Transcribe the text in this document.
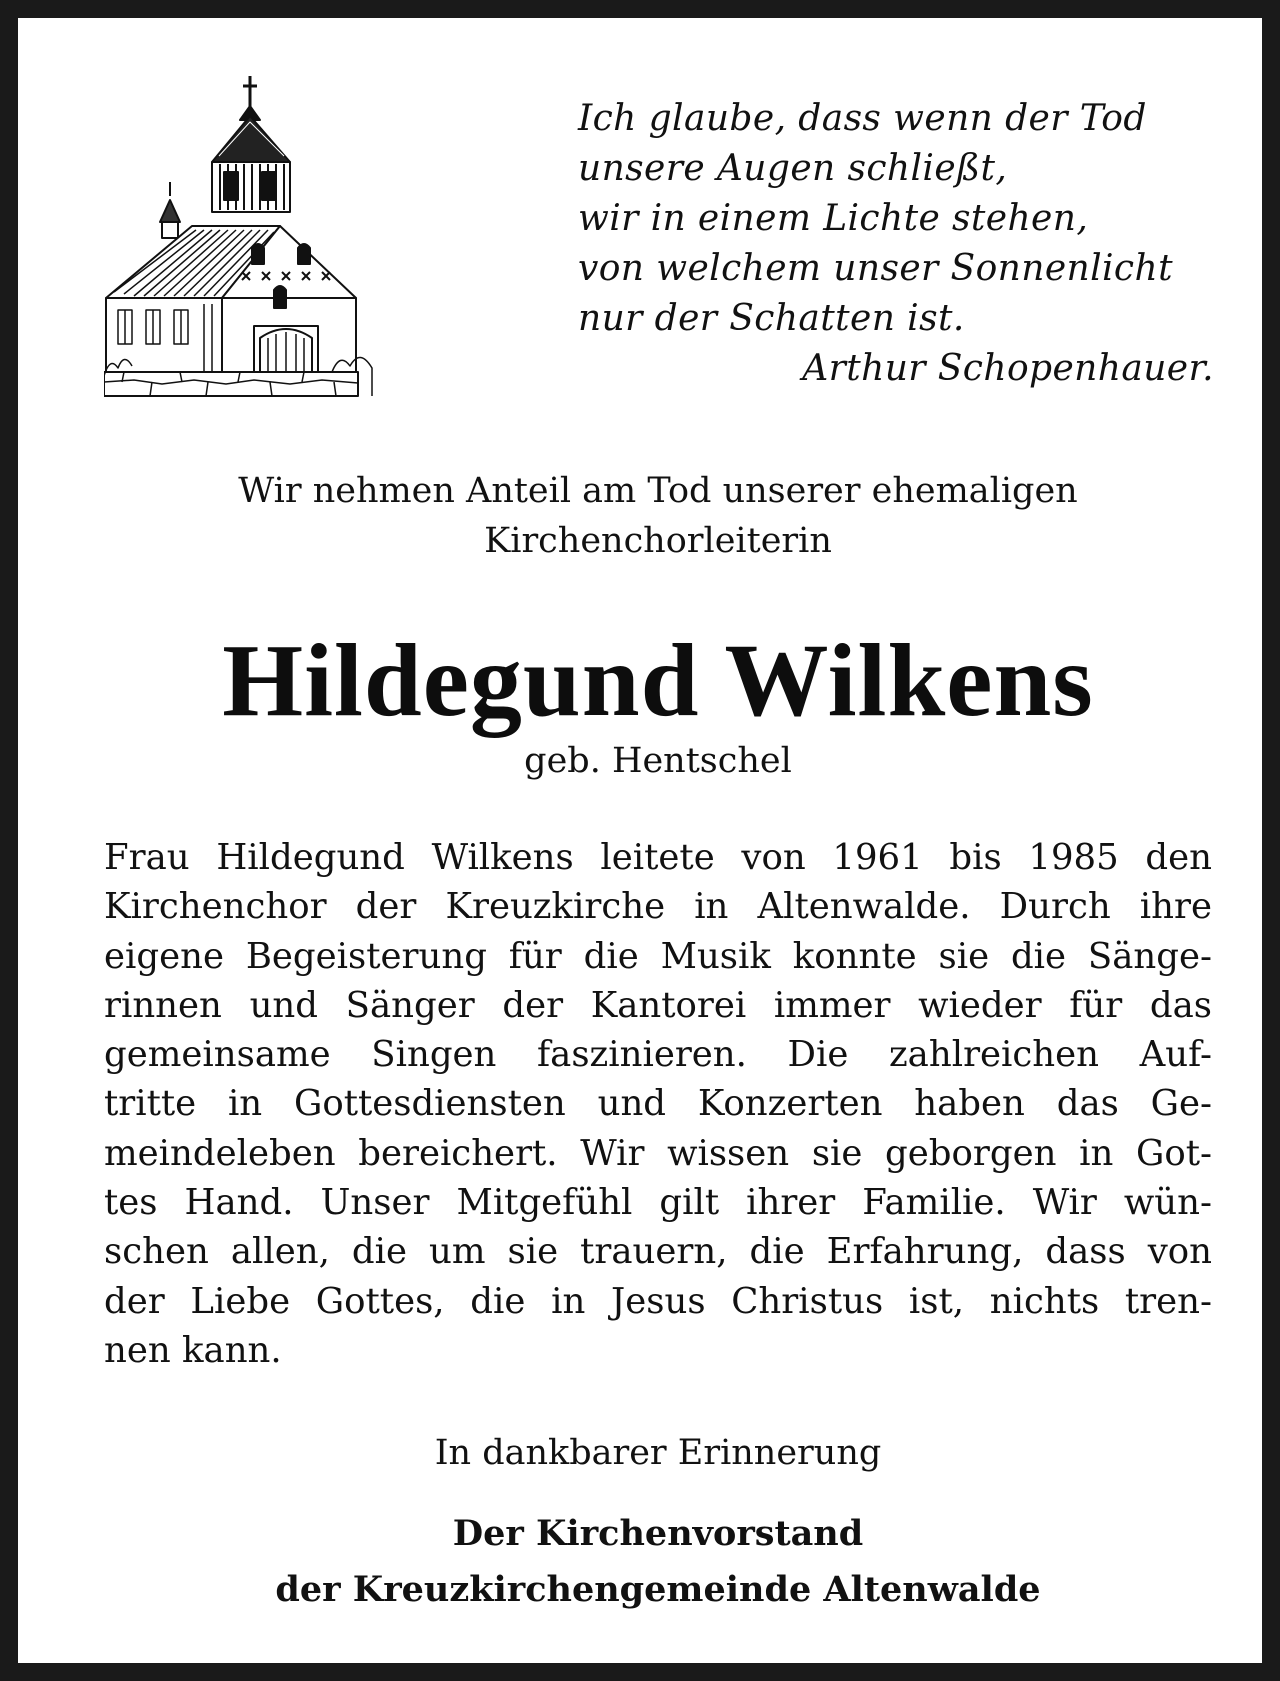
Ich glaube, dass wenn der Tod
unsere Augen schließt,
wir in einem Lichte stehen,
von welchem unser Sonnenlicht
nur der Schatten ist.
Arthur Schopenhauer.
Wir nehmen Anteil am Tod unserer ehemaligen
Kirchenchorleiterin
Hildegund Wilkens
geb. Hentschel
Frau Hildegund Wilkens leitete von 1961 bis 1985 den
Kirchenchor der Kreuzkirche in Altenwalde. Durch ihre
eigene Begeisterung für die Musik konnte sie die Sänge-
rinnen und Sänger der Kantorei immer wieder für das
gemeinsame Singen faszinieren. Die zahlreichen Auf-
tritte in Gottesdiensten und Konzerten haben das Ge-
meindeleben bereichert. Wir wissen sie geborgen in Got-
tes Hand. Unser Mitgefühl gilt ihrer Familie. Wir wün-
schen allen, die um sie trauern, die Erfahrung, dass von
der Liebe Gottes, die in Jesus Christus ist, nichts tren-
nen kann.
In dankbarer Erinnerung
Der Kirchenvorstand
der Kreuzkirchengemeinde Altenwalde
